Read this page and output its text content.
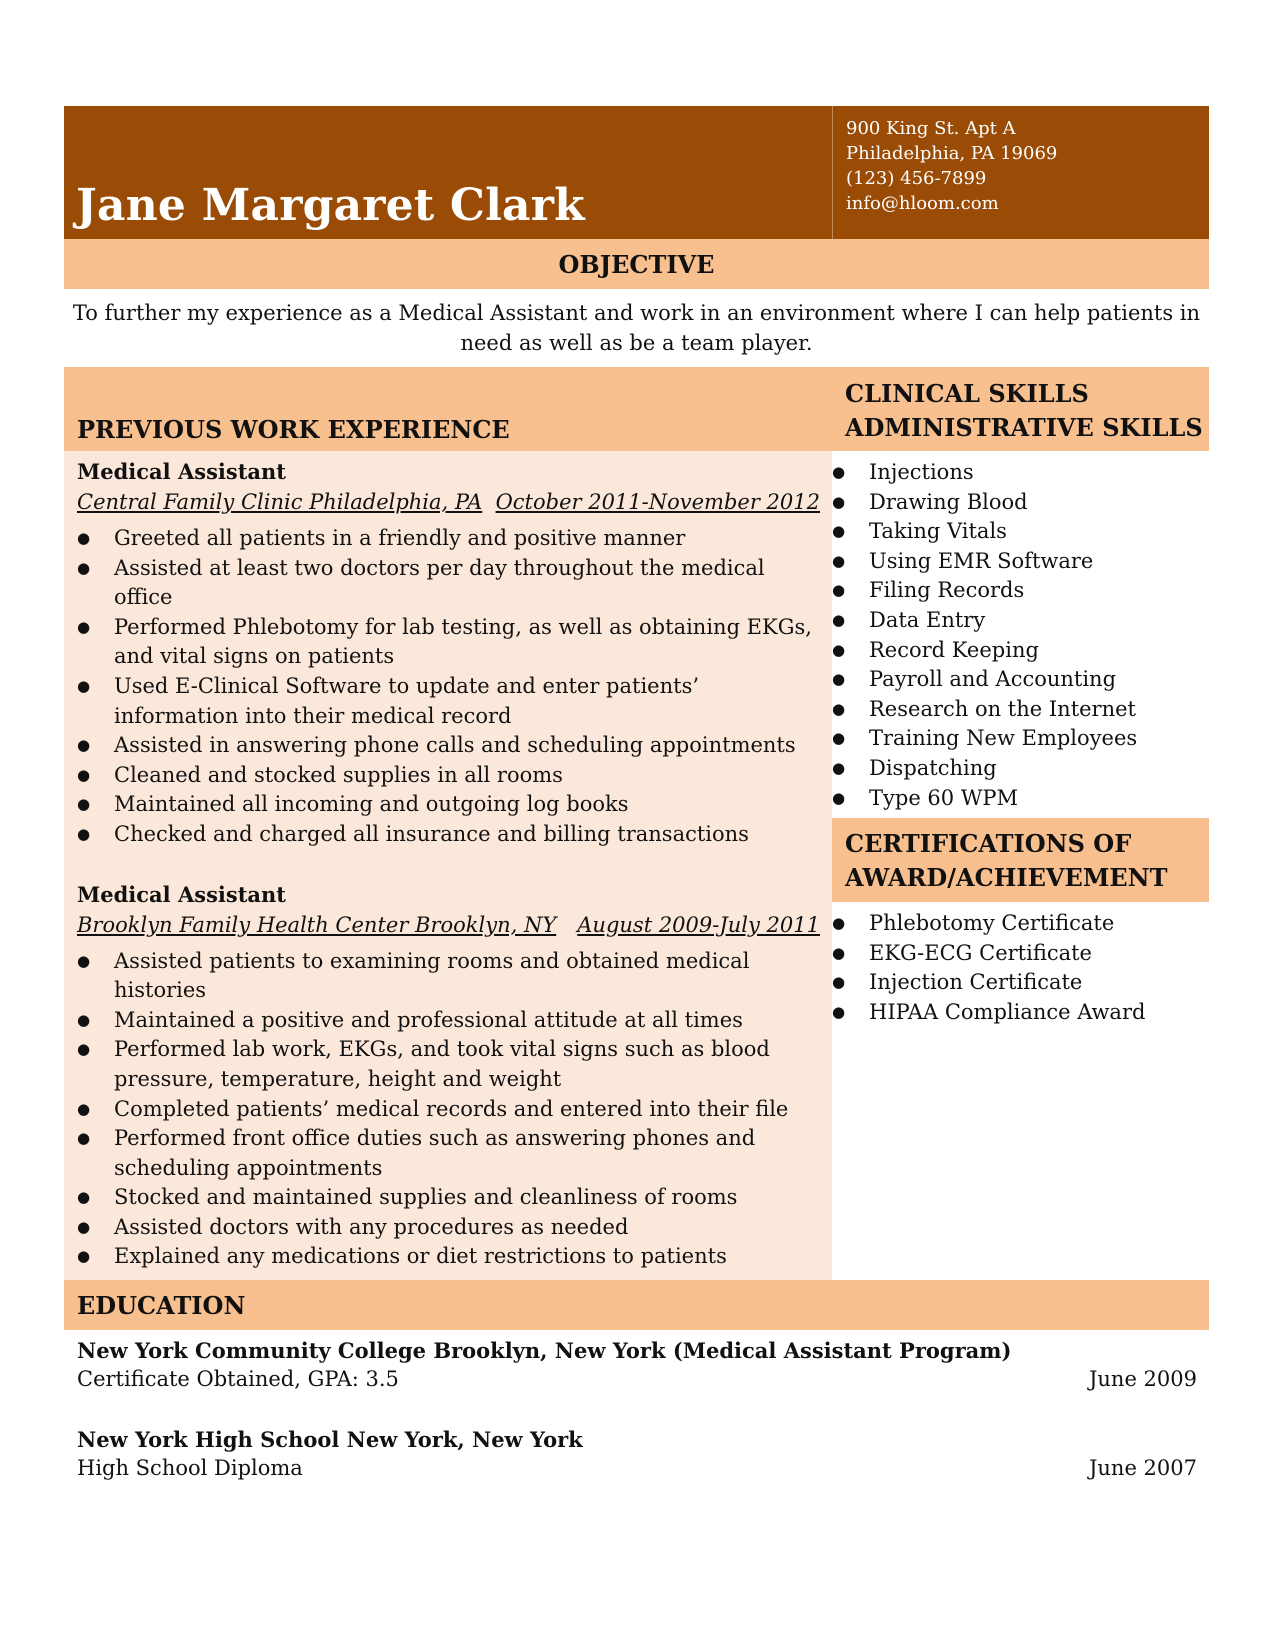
Jane Margaret Clark
900 King St. Apt A
Philadelphia, PA 19069
(123) 456-7899
info@hloom.com
OBJECTIVE

To further my experience as a Medical Assistant and work in an environment where I can help patients in need as well as be a team player.

PREVIOUS WORK EXPERIENCE

Medical Assistant

Central Family Clinic Philadelphia, PA October 2011-November 2012
● Greeted all patients in a friendly and positive manner
● Assisted at least two doctors per day throughout the medical office
● Performed Phlebotomy for lab testing, as well as obtaining EKGs, and vital signs on patients
● Used E-Clinical Software to update and enter patients’ information into their medical record
● Assisted in answering phone calls and scheduling appointments
● Cleaned and stocked supplies in all rooms
● Maintained all incoming and outgoing log books
● Checked and charged all insurance and billing transactions

Medical Assistant

Brooklyn Family Health Center Brooklyn, NY August 2009-July 2011
● Assisted patients to examining rooms and obtained medical histories
● Maintained a positive and professional attitude at all times
● Performed lab work, EKGs, and took vital signs such as blood pressure, temperature, height and weight
● Completed patients’ medical records and entered into their file
● Performed front office duties such as answering phones and scheduling appointments
● Stocked and maintained supplies and cleanliness of rooms
● Assisted doctors with any procedures as needed
● Explained any medications or diet restrictions to patients
CLINICAL SKILLS
ADMINISTRATIVE SKILLS
● Injections
● Drawing Blood
● Taking Vitals
● Using EMR Software
● Filing Records
● Data Entry
● Record Keeping
● Payroll and Accounting
● Research on the Internet
● Training New Employees
● Dispatching
● Type 60 WPM
CERTIFICATIONS OF
AWARD/ACHIEVEMENT
● Phlebotomy Certificate
● EKG-ECG Certificate
● Injection Certificate
● HIPAA Compliance Award
EDUCATION

New York Community College Brooklyn, New York (Medical Assistant Program)

Certificate Obtained, GPA: 3.5	June 2009

New York High School New York, New York

High School Diploma	June 2007
